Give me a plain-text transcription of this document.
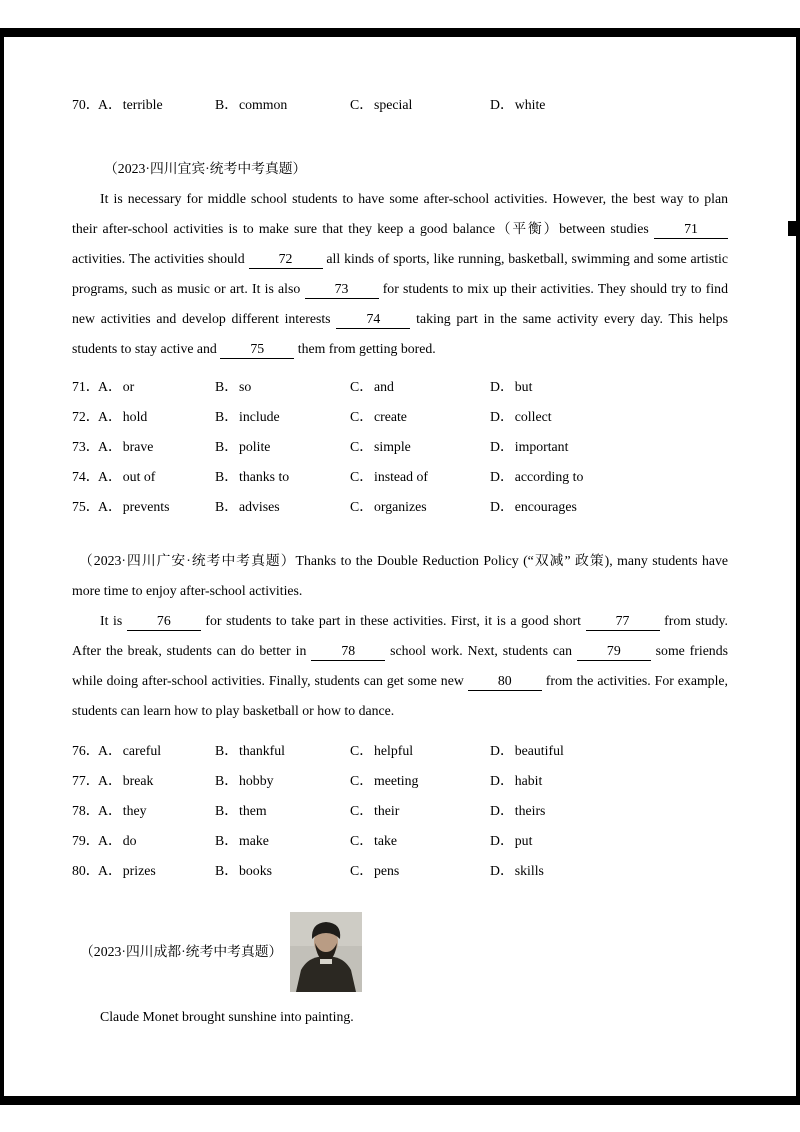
70．A．terrible	B．common	C．special	D．white

（2023·四川宜宾·统考中考真题）

It is necessary for middle school students to have some after-school activities. However, the best way to plan their after-school activities is to make sure that they keep a good balance（平衡）between studies 71 activities. The activities should 72 all kinds of sports, like running, basketball, swimming and some artistic programs, such as music or art. It is also 73 for students to mix up their activities. They should try to find new activities and develop different interests 74 taking part in the same activity every day. This helps students to stay active and 75 them from getting bored.

71．A．or	B．so	C．and	D．but
72．A．hold	B．include	C．create	D．collect
73．A．brave	B．polite	C．simple	D．important
74．A．out of	B．thanks to	C．instead of	D．according to
75．A．prevents	B．advises	C．organizes	D．encourages

（2023·四川广安·统考中考真题）Thanks to the Double Reduction Policy (“双减” 政策), many students have more time to enjoy after-school activities.

It is 76 for students to take part in these activities. First, it is a good short 77 from study. After the break, students can do better in 78 school work. Next, students can 79 some friends while doing after-school activities. Finally, students can get some new 80 from the activities. For example, students can learn how to play basketball or how to dance.

76．A．careful	B．thankful	C．helpful	D．beautiful
77．A．break	B．hobby	C．meeting	D．habit
78．A．they	B．them	C．their	D．theirs
79．A．do	B．make	C．take	D．put
80．A．prizes	B．books	C．pens	D．skills
（2023·四川成都·统考中考真题）

Claude Monet brought sunshine into painting.
